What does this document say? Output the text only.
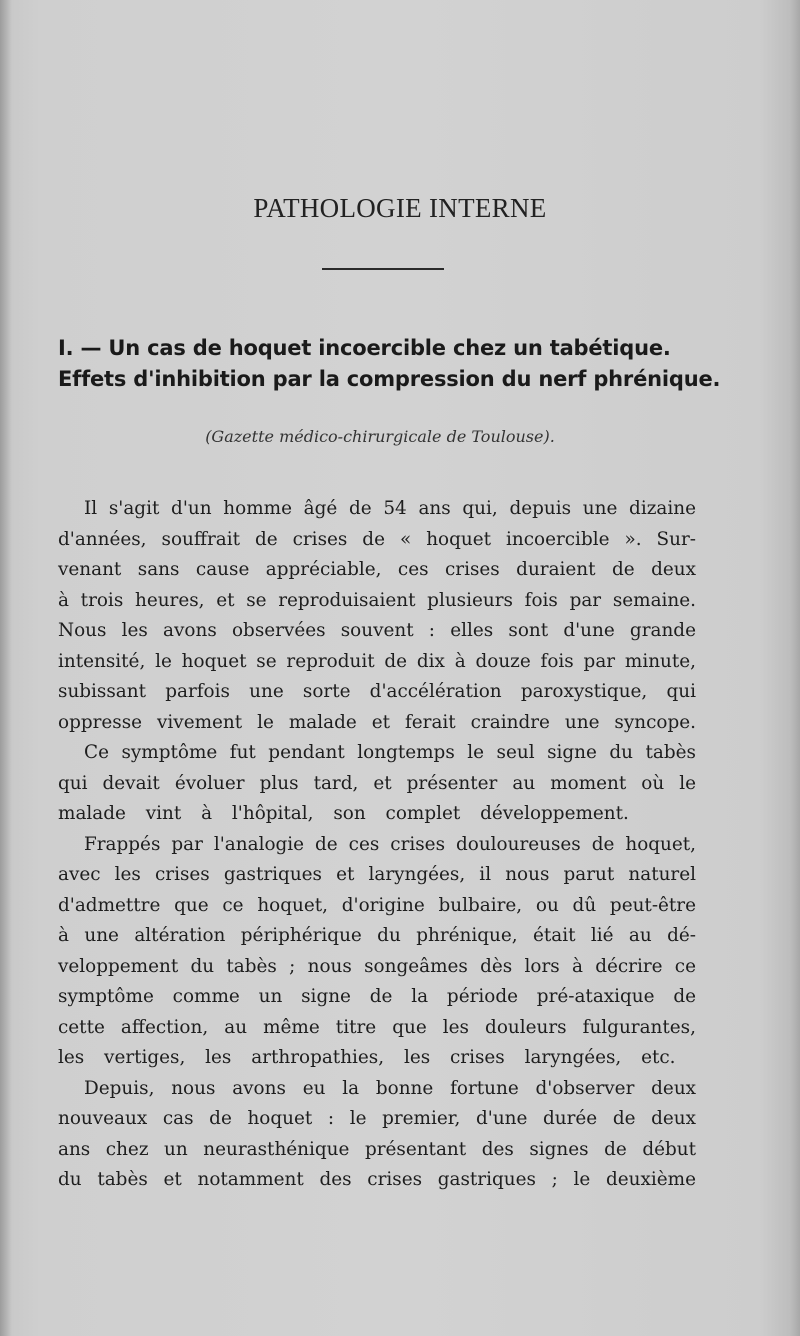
PATHOLOGIE INTERNE
I. — Un cas de hoquet incoercible chez un tabétique.
Effets d'inhibition par la compression du nerf phrénique.
(Gazette médico-chirurgicale de Toulouse).
Il s'agit d'un homme âgé de 54 ans qui, depuis une dizaine
d'années, souffrait de crises de « hoquet incoercible ». Sur-
venant sans cause appréciable, ces crises duraient de deux
à trois heures, et se reproduisaient plusieurs fois par semaine.
Nous les avons observées souvent : elles sont d'une grande
intensité, le hoquet se reproduit de dix à douze fois par minute,
subissant parfois une sorte d'accélération paroxystique, qui
oppresse vivement le malade et ferait craindre une syncope.
Ce symptôme fut pendant longtemps le seul signe du tabès
qui devait évoluer plus tard, et présenter au moment où le
malade vint à l'hôpital, son complet développement.
Frappés par l'analogie de ces crises douloureuses de hoquet,
avec les crises gastriques et laryngées, il nous parut naturel
d'admettre que ce hoquet, d'origine bulbaire, ou dû peut-être
à une altération périphérique du phrénique, était lié au dé-
veloppement du tabès ; nous songeâmes dès lors à décrire ce
symptôme comme un signe de la période pré-ataxique de
cette affection, au même titre que les douleurs fulgurantes,
les vertiges, les arthropathies, les crises laryngées, etc.
Depuis, nous avons eu la bonne fortune d'observer deux
nouveaux cas de hoquet : le premier, d'une durée de deux
ans chez un neurasthénique présentant des signes de début
du tabès et notamment des crises gastriques ; le deuxième
